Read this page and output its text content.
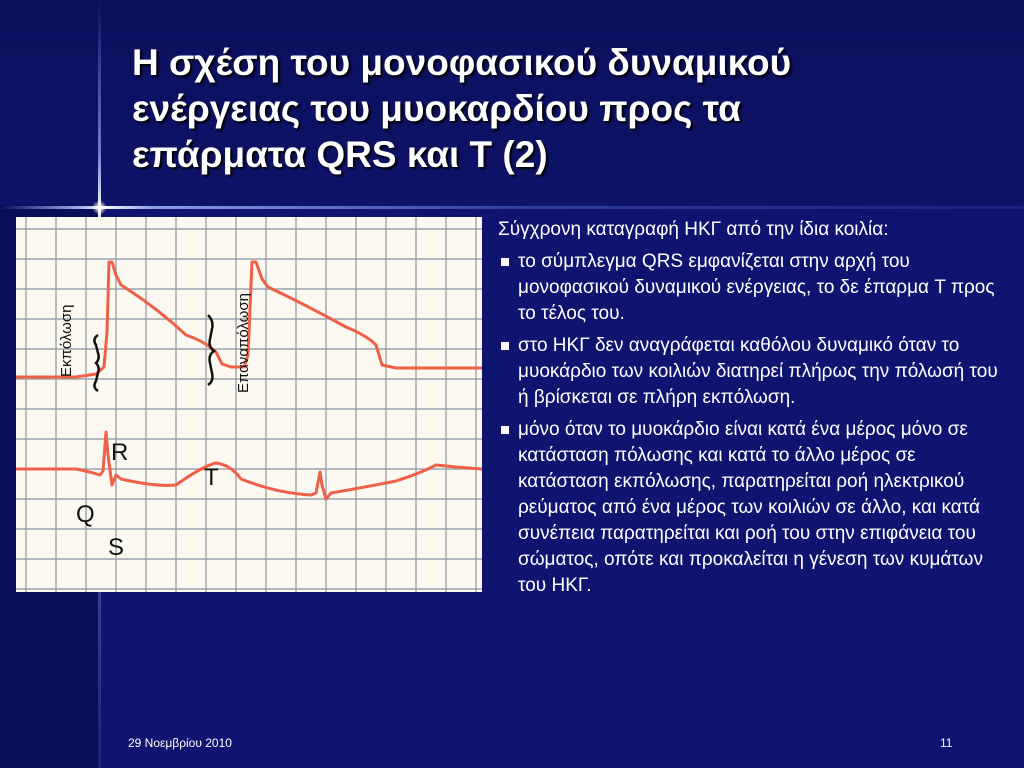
Η σχέση του μονοφασικού δυναμικού
ενέργειας του μυοκαρδίου προς τα
επάρματα QRS και T (2)
Εκπόλωση	Επαναπόλωση
R
T
Q
S

Σύγχρονη καταγραφή ΗΚΓ από την ίδια κοιλία:

το σύμπλεγμα QRS εμφανίζεται στην αρχή του μονοφασικού δυναμικού ενέργειας, το δε έπαρμα T προς το τέλος του.
στο ΗΚΓ δεν αναγράφεται καθόλου δυναμικό όταν το μυοκάρδιο των κοιλιών διατηρεί πλήρως την πόλωσή του ή βρίσκεται σε πλήρη εκπόλωση.
μόνο όταν το μυοκάρδιο είναι κατά ένα μέρος μόνο σε κατάσταση πόλωσης και κατά το άλλο μέρος σε κατάσταση εκπόλωσης, παρατηρείται ροή ηλεκτρικού ρεύματος από ένα μέρος των κοιλιών σε άλλο, και κατά συνέπεια παρατηρείται και ροή του στην επιφάνεια του σώματος, οπότε και προκαλείται η γένεση των κυμάτων του ΗΚΓ.
29 Νοεμβρίου 2010	11
